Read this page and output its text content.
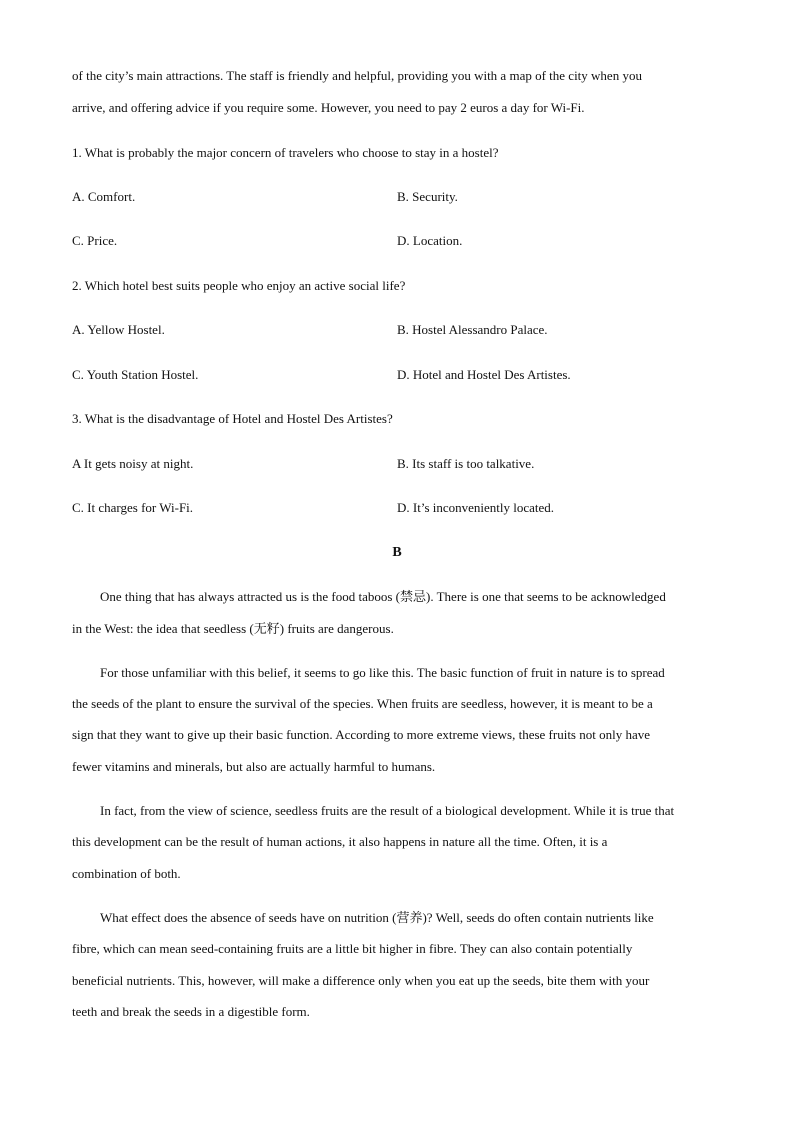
of the city’s main attractions. The staff is friendly and helpful, providing you with a map of the city when you
arrive, and offering advice if you require some. However, you need to pay 2 euros a day for Wi-Fi.
1. What is probably the major concern of travelers who choose to stay in a hostel?
A. Comfort.	B. Security.
C. Price.	D. Location.
2. Which hotel best suits people who enjoy an active social life?
A. Yellow Hostel.	B. Hostel Alessandro Palace.
C. Youth Station Hostel.	D. Hotel and Hostel Des Artistes.
3. What is the disadvantage of Hotel and Hostel Des Artistes?
A It gets noisy at night.	B. Its staff is too talkative.
C. It charges for Wi-Fi.	D. It’s inconveniently located.
B
One thing that has always attracted us is the food taboos (禁忌). There is one that seems to be acknowledged
in the West: the idea that seedless (无籽) fruits are dangerous.
For those unfamiliar with this belief, it seems to go like this. The basic function of fruit in nature is to spread
the seeds of the plant to ensure the survival of the species. When fruits are seedless, however, it is meant to be a
sign that they want to give up their basic function. According to more extreme views, these fruits not only have
fewer vitamins and minerals, but also are actually harmful to humans.
In fact, from the view of science, seedless fruits are the result of a biological development. While it is true that
this development can be the result of human actions, it also happens in nature all the time. Often, it is a
combination of both.
What effect does the absence of seeds have on nutrition (营养)? Well, seeds do often contain nutrients like
fibre, which can mean seed-containing fruits are a little bit higher in fibre. They can also contain potentially
beneficial nutrients. This, however, will make a difference only when you eat up the seeds, bite them with your
teeth and break the seeds in a digestible form.
